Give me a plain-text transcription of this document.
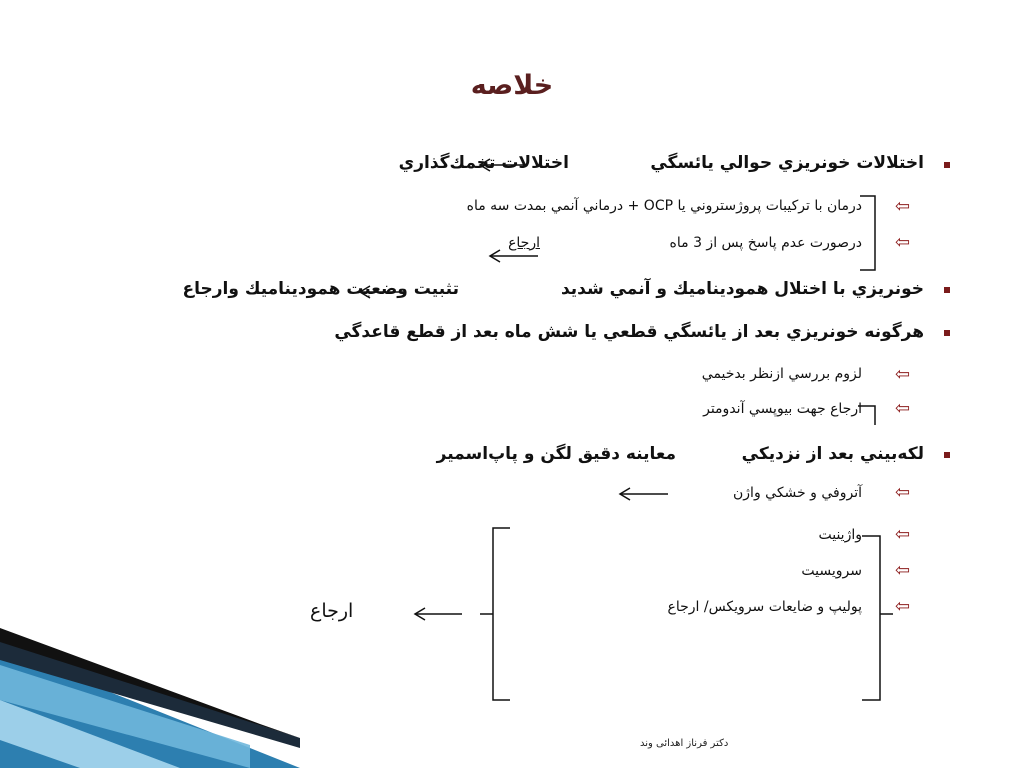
خلاصه
⇦
⇦
⇦
⇦
⇦
⇦
⇦
⇦
اختلالات خونريزي حوالي يائسگي
اختلالات تخمك‌گذاري
درمان با تركيبات پروژستروني يا OCP + درماني آنمي بمدت سه ماه
درصورت عدم پاسخ پس از 3 ماه
ارجاع
خونريزي با اختلال همودیناميك و آنمي شديد
تثبيت وضعيت همودیناميك وارجاع
هرگونه خونريزي بعد از يائسگي قطعي يا شش ماه بعد از قطع قاعدگي
لزوم بررسي ازنظر بدخيمي
ارجاع جهت بيوپسي آندومتر
لكه‌بيني بعد از نزديكي
معاينه دقيق لگن و پاپ‌اسمير
آتروفي و خشكي واژن
واژينيت
سرويسيت
پوليپ و ضايعات سرويكس/ ارجاع
ارجاع
دکتر فرناز اهدائی وند
